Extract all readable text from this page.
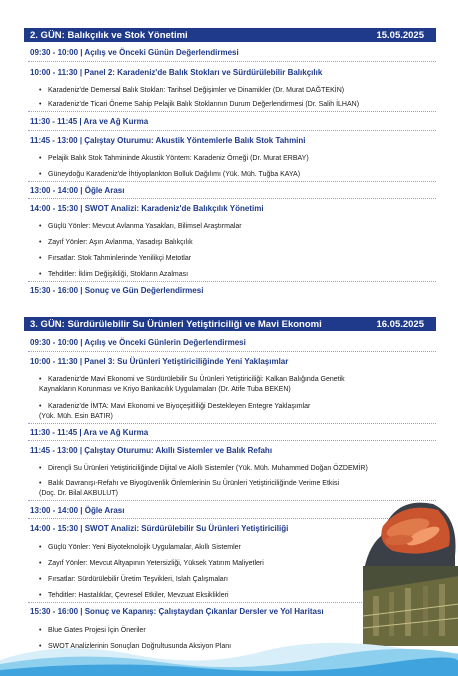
2. GÜN: Balıkçılık ve Stok Yönetimi	15.05.2025
09:30 - 10:00 | Açılış ve Önceki Günün Değerlendirmesi
10:00 - 11:30 | Panel 2: Karadeniz'de Balık Stokları ve Sürdürülebilir Balıkçılık
• Karadeniz'de Demersal Balık Stokları: Tarihsel Değişimler ve Dinamikler (Dr. Murat DAĞTEKİN)
• Karadeniz'de Ticari Öneme Sahip Pelajik Balık Stoklarının Durum Değerlendirmesi (Dr. Salih İLHAN)
11:30 - 11:45 | Ara ve Ağ Kurma
11:45 - 13:00 | Çalıştay Oturumu: Akustik Yöntemlerle Balık Stok Tahmini
• Pelajik Balık Stok Tahmininde Akustik Yöntem: Karadeniz Örneği (Dr. Murat ERBAY)
• Güneydoğu Karadeniz'de İhtiyoplankton Bolluk Dağılımı (Yük. Müh. Tuğba KAYA)
13:00 - 14:00 | Öğle Arası
14:00 - 15:30 | SWOT Analizi: Karadeniz'de Balıkçılık Yönetimi
• Güçlü Yönler: Mevcut Avlanma Yasakları, Bilimsel Araştırmalar
• Zayıf Yönler: Aşırı Avlanma, Yasadışı Balıkçılık
• Fırsatlar: Stok Tahminlerinde Yenilikçi Metotlar
• Tehditler: İklim Değişikliği, Stokların Azalması
15:30 - 16:00 | Sonuç ve Gün Değerlendirmesi
3. GÜN: Sürdürülebilir Su Ürünleri Yetiştiriciliği ve Mavi Ekonomi	16.05.2025
09:30 - 10:00 | Açılış ve Önceki Günlerin Değerlendirmesi
10:00 - 11:30 | Panel 3: Su Ürünleri Yetiştiriciliğinde Yeni Yaklaşımlar
• Karadeniz'de Mavi Ekonomi ve Sürdürülebilir Su Ürünleri Yetiştiriciliği: Kalkan Balığında Genetik
Kaynakların Korunması ve Kriyo Bankacılık Uygulamaları (Dr. Atife Tuba BEKEN)
• Karadeniz'de İMTA: Mavi Ekonomi ve Biyoçeşitliliği Destekleyen Entegre Yaklaşımlar
(Yük. Müh. Esin BATIR)
11:30 - 11:45 | Ara ve Ağ Kurma
11:45 - 13:00 | Çalıştay Oturumu: Akıllı Sistemler ve Balık Refahı
• Dirençli Su Ürünleri Yetiştiriciliğinde Dijital ve Akıllı Sistemler (Yük. Müh. Muhammed Doğan ÖZDEMİR)
• Balık Davranışı-Refahı ve Biyogüvenlik Önlemlerinin Su Ürünleri Yetiştiriciliğinde Verime Etkisi
(Doç. Dr. Bilal AKBULUT)
13:00 - 14:00 | Öğle Arası
14:00 - 15:30 | SWOT Analizi: Sürdürülebilir Su Ürünleri Yetiştiriciliği
• Güçlü Yönler: Yeni Biyoteknolojik Uygulamalar, Akıllı Sistemler
• Zayıf Yönler: Mevcut Altyapının Yetersizliği, Yüksek Yatırım Maliyetleri
• Fırsatlar: Sürdürülebilir Üretim Teşvikleri, Islah Çalışmaları
• Tehditler: Hastalıklar, Çevresel Etkiler, Mevzuat Eksiklikleri
15:30 - 16:00 | Sonuç ve Kapanış: Çalıştaydan Çıkanlar Dersler ve Yol Haritası
• Blue Gates Projesi İçin Öneriler
• SWOT Analizlerinin Sonuçları Doğrultusunda Aksiyon Planı
